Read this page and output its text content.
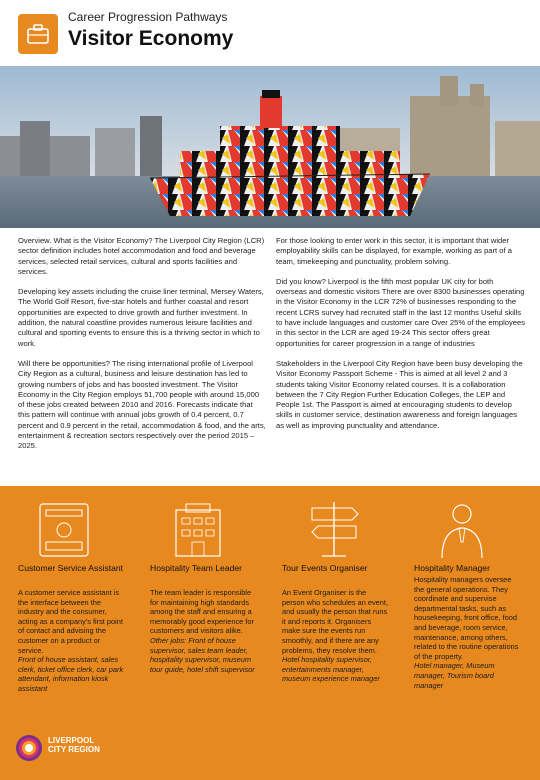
Career Progression Pathways
Visitor Economy

Overview. What is the Visitor Economy? The Liverpool City Region (LCR) sector definition includes hotel accommodation and food and beverage services, selected retail services, cultural and sports facilities and services.

Developing key assets including the cruise liner terminal, Mersey Waters, The World Golf Resort, five-star hotels and further coastal and resort opportunities are expected to drive growth and further investment. In addition, the natural coastline provides numerous leisure facilities and cultural and sporting events to ensure this is a thriving sector in which to work.

Will there be opportunities? The rising international profile of Liverpool City Region as a cultural, business and leisure destination has led to growing numbers of jobs and has boosted investment. The Visitor Economy in the City Region employs 51,700 people with around 15,000 of these jobs created between 2010 and 2016. Forecasts indicate that this pattern will continue with annual jobs growth of 0.4 percent, 0.7 percent and 0.9 percent in the retail, accommodation & food, and the arts, entertainment & recreation sectors respectively over the period 2015 – 2025.

For those looking to enter work in this sector, it is important that wider employability skills can be displayed, for example, working as part of a team, timekeeping and punctuality, problem solving.

Did you know? Liverpool is the fifth most popular UK city for both overseas and domestic visitors There are over 8300 businesses operating in the Visitor Economy in the LCR 72% of businesses responding to the recent LCRS survey had recruited staff in the last 12 months Useful skills to have include languages and customer care Over 25% of the employees in this sector in the LCR are aged 19-24 This sector offers great opportunities for career progression in a range of industries

Stakeholders in the Liverpool City Region have been busy developing the Visitor Economy Passport Scheme - This is aimed at all level 2 and 3 students taking Visitor Economy related courses. It is a collaboration between the 7 City Region Further Education Colleges, the LEP and People 1st. The Passport is aimed at encouraging students to develop skills in customer service, destination awareness and foreign languages as well as improving punctuality and attendance.

Customer Service Assistant
A customer service assistant is the interface between the industry and the consumer, acting as a company's first point of contact and advising the customer on a product or service.
Front of house assistant, sales clerk, ticket office clerk, car park attendant, information kiosk assistant
Hospitality Team Leader
The team leader is responsible for maintaining high standards among the staff and ensuring a memorably good experience for customers and visitors alike.
Other jobs: Front of house supervisor, sales team leader, hospitality supervisor, museum tour guide, hotel shift supervisor
Tour Events Organiser
An Event Organiser is the person who schedules an event, and usually the person that runs it and reports it. Organisers make sure the events run smoothly, and if there are any problems, they resolve them.
Hotel hospitality supervisor, entertainments manager, museum experience manager
Hospitality Manager
Hospitality managers oversee the general operations. They coordinate and supervise departmental tasks, such as housekeeping, front office, food and beverage, room service, maintenance, among others, related to the routine operations of the property.
Hotel manager, Museum manager, Tourism board manager
LIVERPOOL
CITY REGION
